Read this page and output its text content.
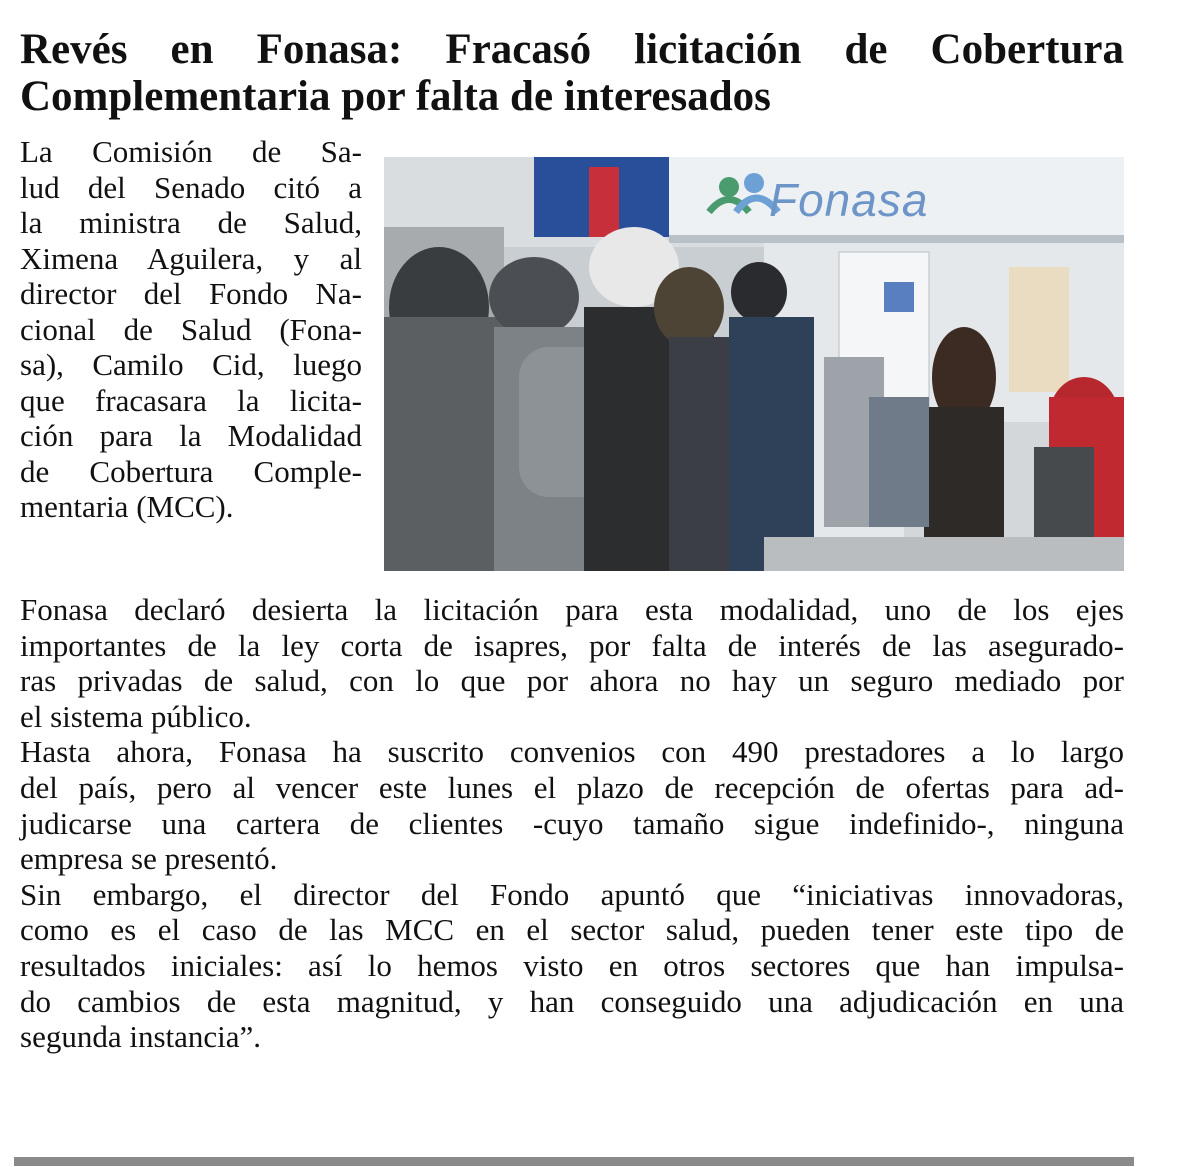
Revés en Fonasa: Fracasó licitación de Cobertura
Complementaria por falta de interesados
La Comisión de Sa-
lud del Senado citó a
la ministra de Salud,
Ximena Aguilera, y al
director del Fondo Na-
cional de Salud (Fona-
sa), Camilo Cid, luego
que fracasara la licita-
ción para la Modalidad
de Cobertura Comple-
mentaria (MCC).
Fonasa
Fonasa declaró desierta la licitación para esta modalidad, uno de los ejes
importantes de la ley corta de isapres, por falta de interés de las asegurado-
ras privadas de salud, con lo que por ahora no hay un seguro mediado por
el sistema público.
Hasta ahora, Fonasa ha suscrito convenios con 490 prestadores a lo largo
del país, pero al vencer este lunes el plazo de recepción de ofertas para ad-
judicarse una cartera de clientes -cuyo tamaño sigue indefinido-, ninguna
empresa se presentó.
Sin embargo, el director del Fondo apuntó que “iniciativas innovadoras,
como es el caso de las MCC en el sector salud, pueden tener este tipo de
resultados iniciales: así lo hemos visto en otros sectores que han impulsa-
do cambios de esta magnitud, y han conseguido una adjudicación en una
segunda instancia”.
